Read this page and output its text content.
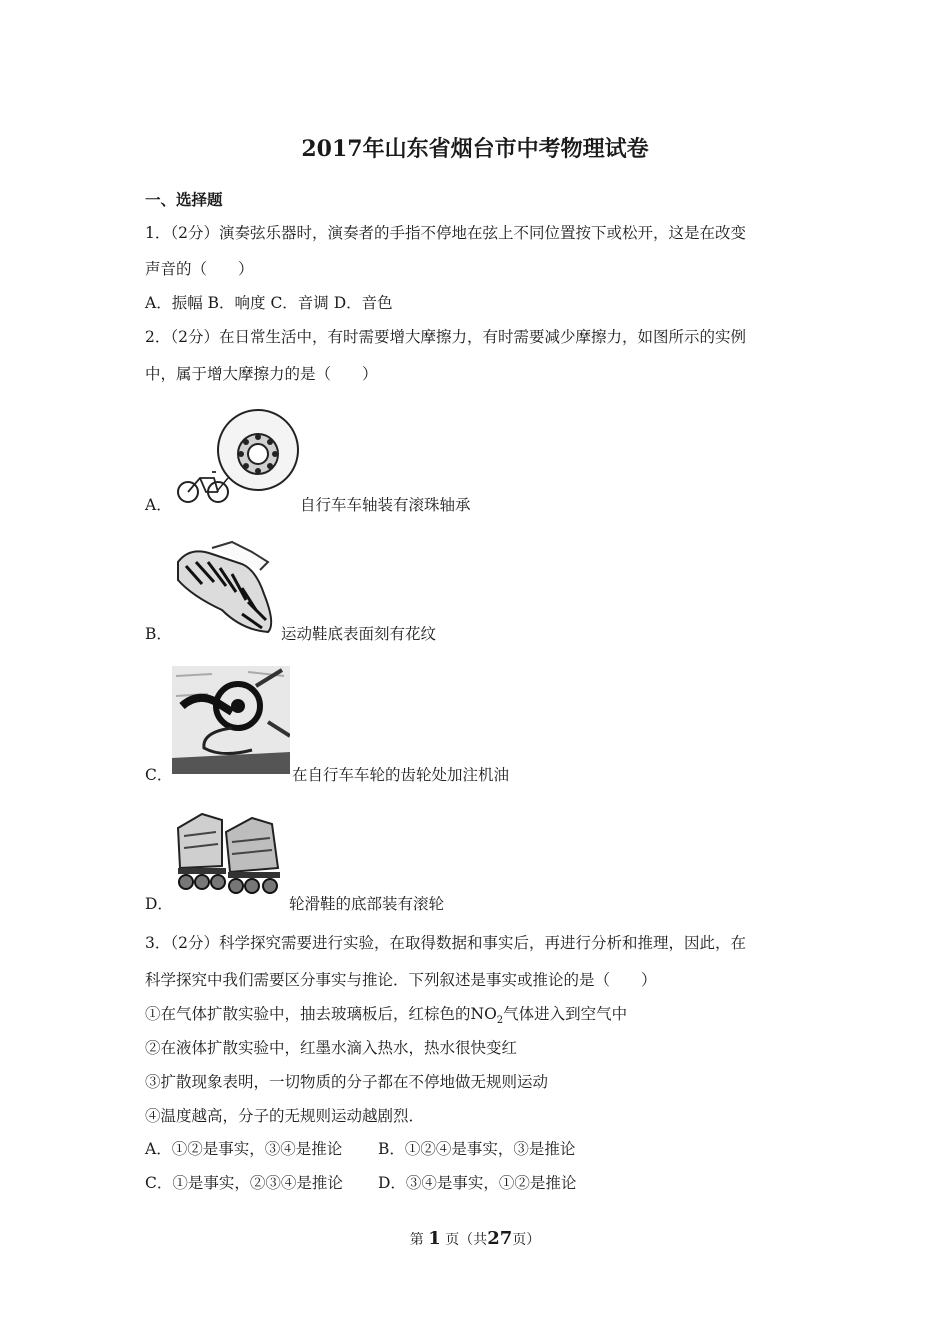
2017年山东省烟台市中考物理试卷
一、选择题
1．（2分）演奏弦乐器时，演奏者的手指不停地在弦上不同位置按下或松开，这是在改变
声音的（　　）
A．振幅 B．响度 C．音调 D．音色
2．（2分）在日常生活中，有时需要增大摩擦力，有时需要减少摩擦力，如图所示的实例
中，属于增大摩擦力的是（　　）
A．	自行车车轴装有滚珠轴承
B．	运动鞋底表面刻有花纹
C．	在自行车车轮的齿轮处加注机油
D．	轮滑鞋的底部装有滚轮
3．（2分）科学探究需要进行实验，在取得数据和事实后，再进行分析和推理，因此，在
科学探究中我们需要区分事实与推论．下列叙述是事实或推论的是（　　）
①在气体扩散实验中，抽去玻璃板后，红棕色的$NO_2$气体进入到空气中
②在液体扩散实验中，红墨水滴入热水，热水很快变红
③扩散现象表明，一切物质的分子都在不停地做无规则运动
④温度越高，分子的无规则运动越剧烈．
A．①②是事实，③④是推论 B．①②④是事实，③是推论
C．①是事实，②③④是推论 D．③④是事实，①②是推论
第 1 页（共27页）
